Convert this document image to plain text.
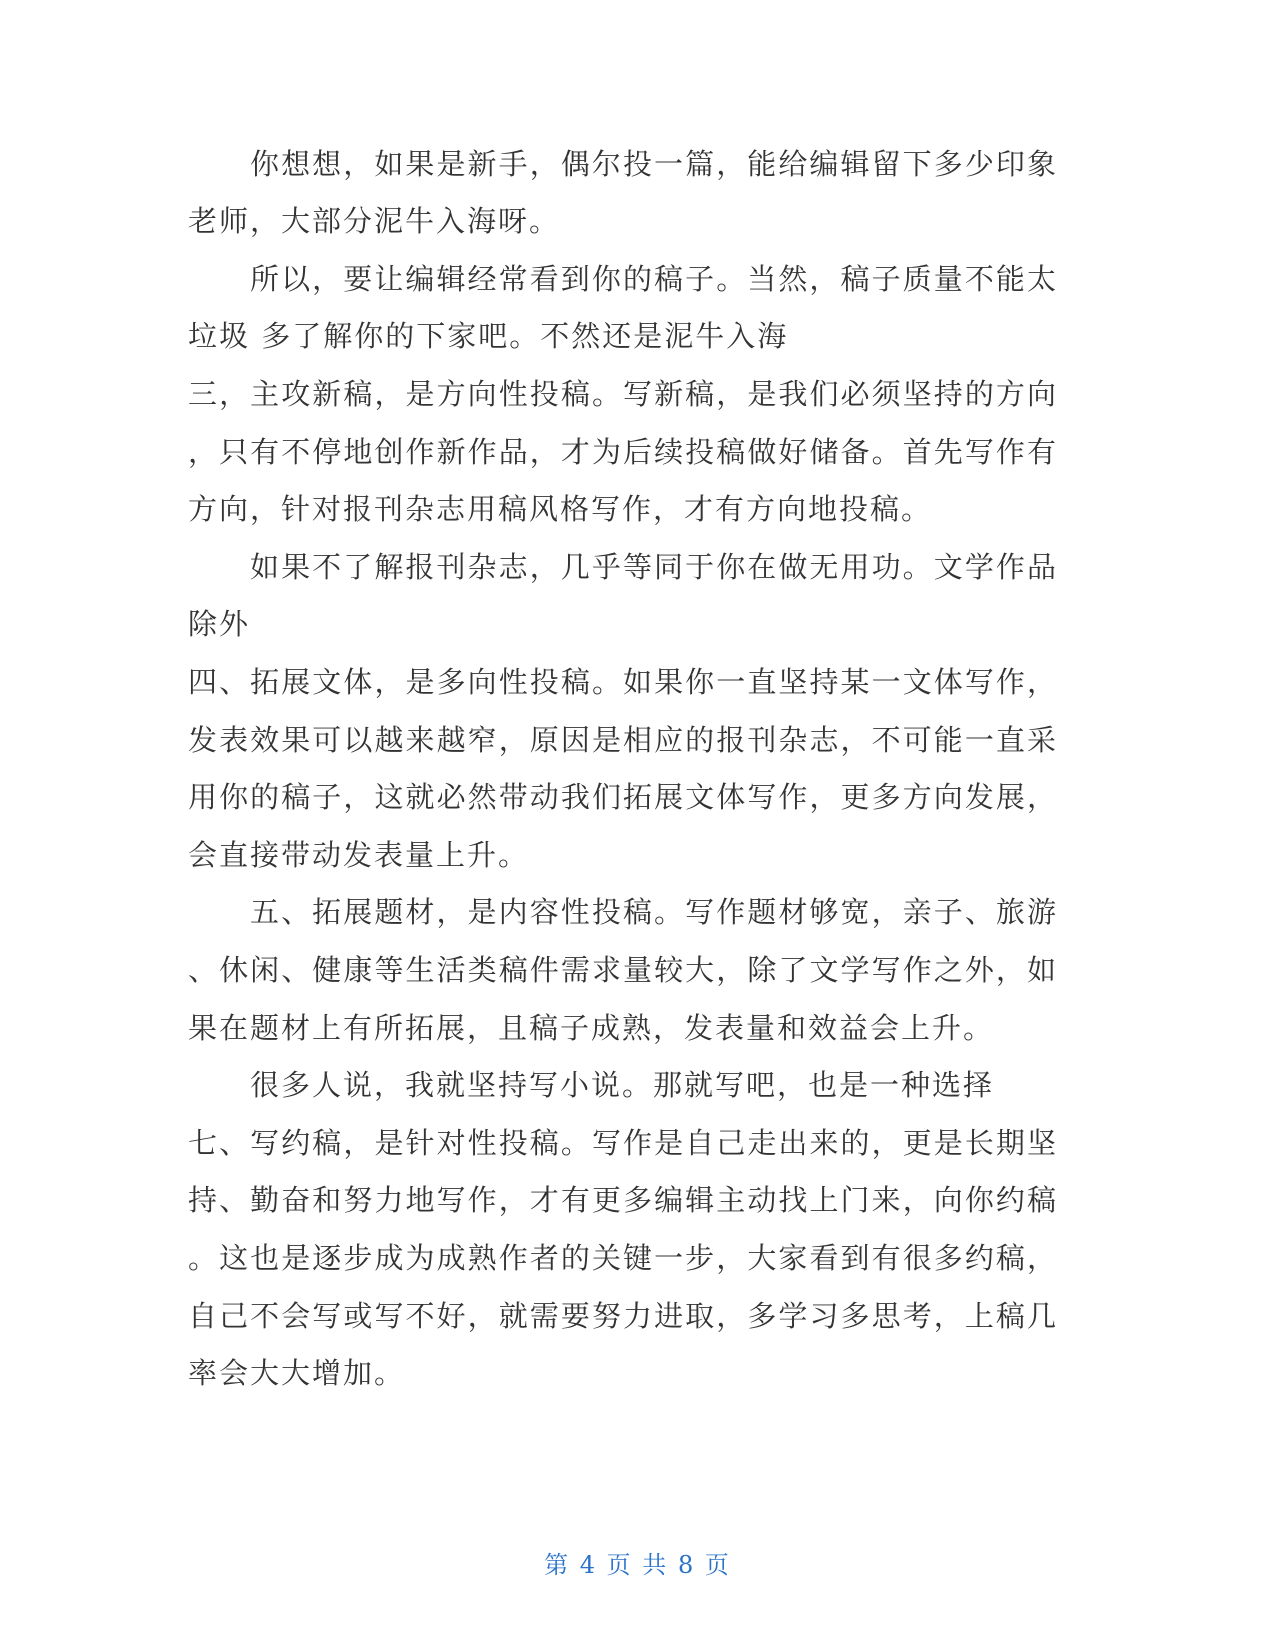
你想想，如果是新手，偶尔投一篇，能给编辑留下多少印象
老师，大部分泥牛入海呀。
所以，要让编辑经常看到你的稿子。当然，稿子质量不能太
垃圾 多了解你的下家吧。不然还是泥牛入海
三，主攻新稿，是方向性投稿。写新稿，是我们必须坚持的方向
，只有不停地创作新作品，才为后续投稿做好储备。首先写作有
方向，针对报刊杂志用稿风格写作，才有方向地投稿。
如果不了解报刊杂志，几乎等同于你在做无用功。文学作品
除外
四、拓展文体，是多向性投稿。如果你一直坚持某一文体写作，
发表效果可以越来越窄，原因是相应的报刊杂志，不可能一直采
用你的稿子，这就必然带动我们拓展文体写作，更多方向发展，
会直接带动发表量上升。
五、拓展题材，是内容性投稿。写作题材够宽，亲子、旅游
、休闲、健康等生活类稿件需求量较大，除了文学写作之外，如
果在题材上有所拓展，且稿子成熟，发表量和效益会上升。
很多人说，我就坚持写小说。那就写吧，也是一种选择
七、写约稿，是针对性投稿。写作是自己走出来的，更是长期坚
持、勤奋和努力地写作，才有更多编辑主动找上门来，向你约稿
。这也是逐步成为成熟作者的关键一步，大家看到有很多约稿，
自己不会写或写不好，就需要努力进取，多学习多思考，上稿几
率会大大增加。
第 4 页 共 8 页
